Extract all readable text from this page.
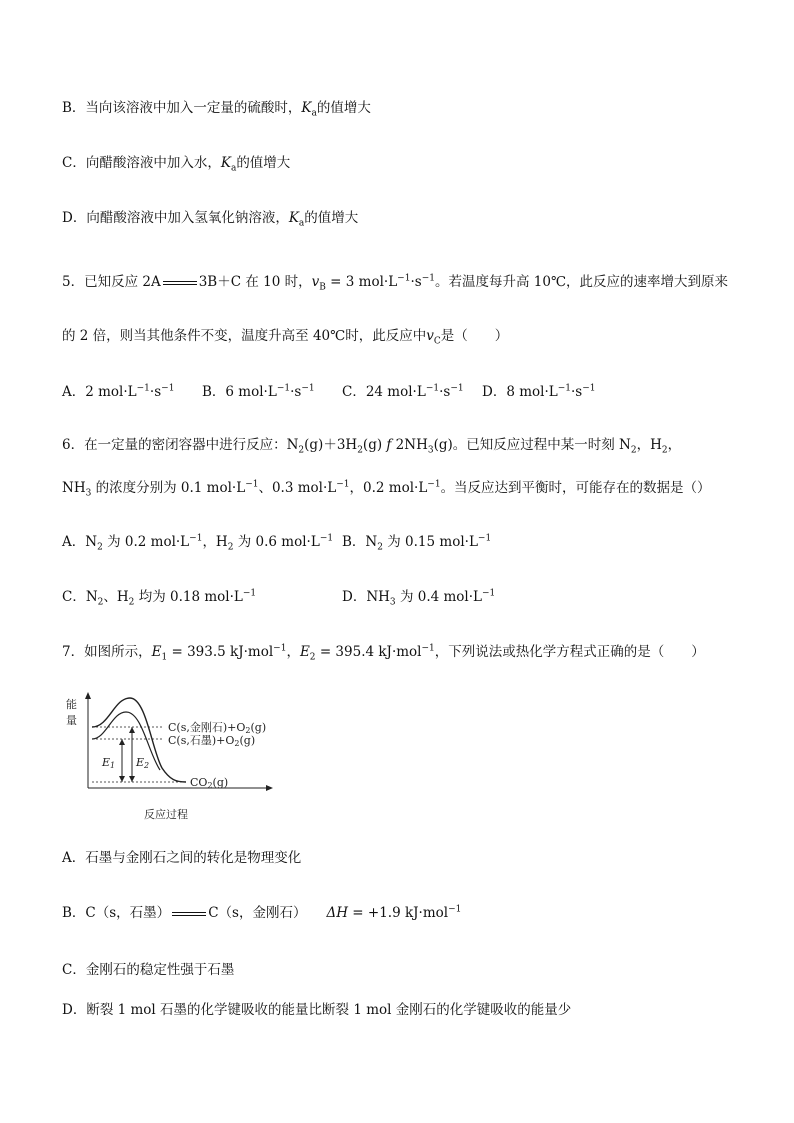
B．当向该溶液中加入一定量的硫酸时，$K_a$的值增大
C．向醋酸溶液中加入水，$K_a$的值增大
D．向醋酸溶液中加入氢氧化钠溶液，$K_a$的值增大
5．已知反应 2A	3B＋C 在 10 时，$v_B = 3$ $mol\cdot L^{-1}\cdot s^{-1}$。若温度每升高 10℃，此反应的速率增大到原来
的 2 倍，则当其他条件不变，温度升高至 40℃时，此反应中$v_C$是（　　）
A．2 $mol\cdot L^{-1}\cdot s^{-1}$ B．6 $mol\cdot L^{-1}\cdot s^{-1}$ C．24 $mol\cdot L^{-1}\cdot s^{-1}$ D．8 $mol\cdot L^{-1}\cdot s^{-1}$
6．在一定量的密闭容器中进行反应：$N_2(g)+3H_2(g)$ f $2NH_3(g)$。已知反应过程中某一时刻 $N_2$，$H_2$，
$NH_3$ 的浓度分别为 0.1 $mol\cdot L^{-1}$、0.3 $mol\cdot L^{-1}$，0.2 $mol\cdot L^{-1}$。当反应达到平衡时，可能存在的数据是（）
A．$N_2$ 为 0.2 $mol\cdot L^{-1}$，$H_2$ 为 0.6 $mol\cdot L^{-1}$ B．$N_2$ 为 0.15 $mol\cdot L^{-1}$
C．$N_2$、$H_2$ 均为 0.18 $mol\cdot L^{-1}$	D．$NH_3$ 为 0.4 $mol\cdot L^{-1}$
7．如图所示，$E_1 = 393.5$ kJ·mol$^{-1}$，$E_2 = 395.4$ kJ·mol$^{-1}$，下列说法或热化学方程式正确的是（　　）
能
量
E1 E2
C(s,金刚石)+O2(g)
C(s,石墨)+O2(g)
CO2(g)
反应过程
A．石墨与金刚石之间的转化是物理变化
B．C（s，石墨）	C（s，金刚石） ΔH = +1.9 kJ·mol$^{-1}$
C．金刚石的稳定性强于石墨
D．断裂 1 mol 石墨的化学键吸收的能量比断裂 1 mol 金刚石的化学键吸收的能量少
